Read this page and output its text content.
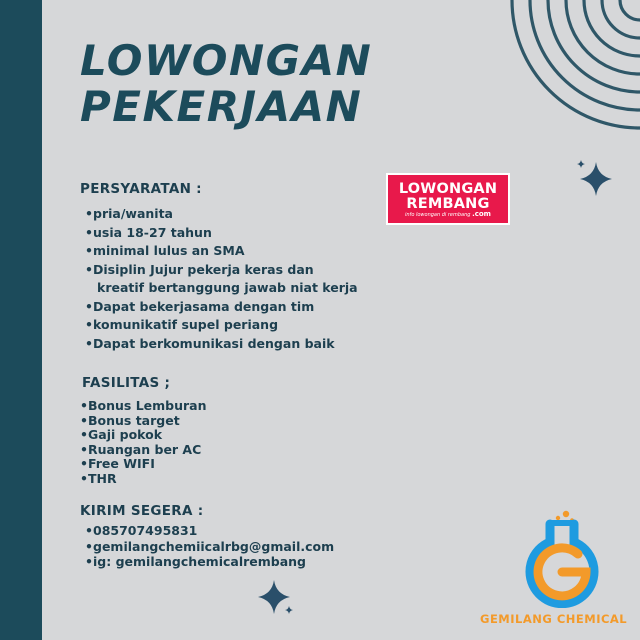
LOWONGAN
PEKERJAAN
PERSYARATAN :
• pria/wanita
• usia 18-27 tahun
• minimal lulus an SMA
• Disiplin Jujur pekerja keras dan
kreatif bertanggung jawab niat kerja
• Dapat bekerjasama dengan tim
• komunikatif supel periang
• Dapat berkomunikasi dengan baik
LOWONGAN
REMBANG
info lowongan di rembang .com
FASILITAS ;
• Bonus Lemburan
• Bonus target
• Gaji pokok
• Ruangan ber AC
• Free WIFI
• THR
KIRIM SEGERA :
• 085707495831
• gemilangchemiicalrbg@gmail.com
• ig: gemilangchemicalrembang
GEMILANG CHEMICAL
